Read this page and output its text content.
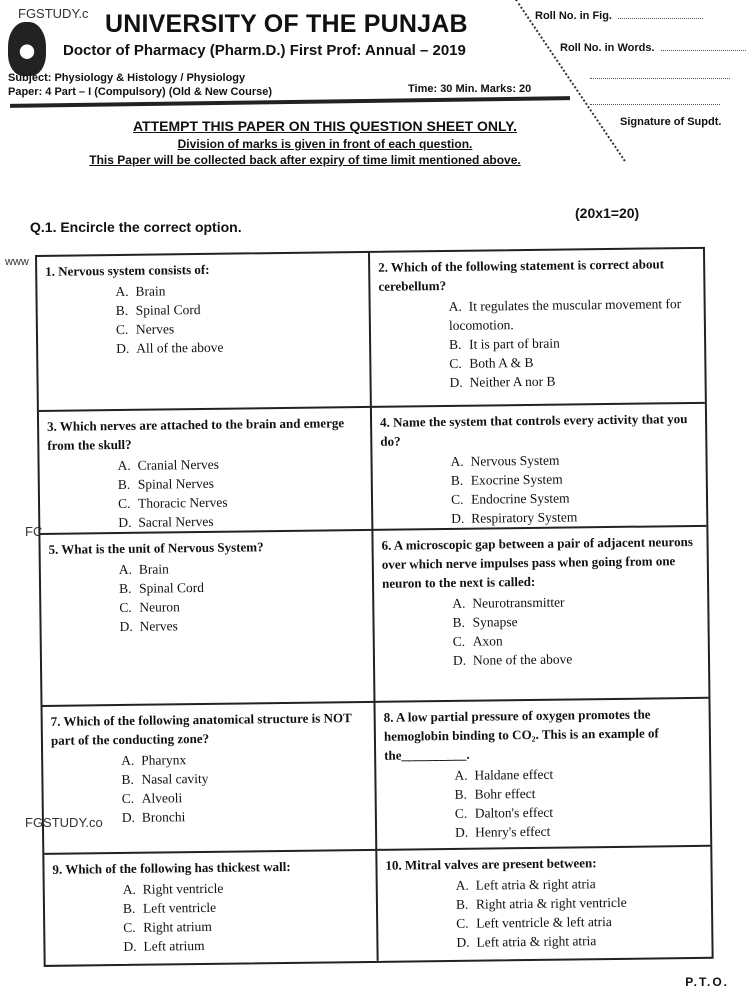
FGSTUDY.c UNIVERSITY OF THE PUNJAB
Doctor of Pharmacy (Pharm.D.) First Prof: Annual – 2019
Subject: Physiology & Histology / Physiology
Paper: 4 Part – I (Compulsory) (Old & New Course)	Time: 30 Min. Marks: 20
Roll No. in Fig.
Roll No. in Words.
Signature of Supdt.
ATTEMPT THIS PAPER ON THIS QUESTION SHEET ONLY.
Division of marks is given in front of each question.
This Paper will be collected back after expiry of time limit mentioned above.
Q.1. Encircle the correct option.
(20x1=20)
www
FC
FGSTUDY.co
1. Nervous system consists of:
A. Brain
B. Spinal Cord
C. Nerves
D. All of the above
2. Which of the following statement is correct about cerebellum?
A. It regulates the muscular movement for locomotion.
B. It is part of brain
C. Both A & B
D. Neither A nor B
3. Which nerves are attached to the brain and emerge from the skull?
A. Cranial Nerves
B. Spinal Nerves
C. Thoracic Nerves
D. Sacral Nerves
4. Name the system that controls every activity that you do?
A. Nervous System
B. Exocrine System
C. Endocrine System
D. Respiratory System
5. What is the unit of Nervous System?
A. Brain
B. Spinal Cord
C. Neuron
D. Nerves
6. A microscopic gap between a pair of adjacent neurons over which nerve impulses pass when going from one neuron to the next is called:
A. Neurotransmitter
B. Synapse
C. Axon
D. None of the above
7. Which of the following anatomical structure is NOT part of the conducting zone?
A. Pharynx
B. Nasal cavity
C. Alveoli
D. Bronchi
8. A low partial pressure of oxygen promotes the hemoglobin binding to CO₂. This is an example of the__________.
A. Haldane effect
B. Bohr effect
C. Dalton's effect
D. Henry's effect
9. Which of the following has thickest wall:
A. Right ventricle
B. Left ventricle
C. Right atrium
D. Left atrium
10. Mitral valves are present between:
A. Left atria & right atria
B. Right atria & right ventricle
C. Left ventricle & left atria
D. Left atria & right atria
P.T.O.
